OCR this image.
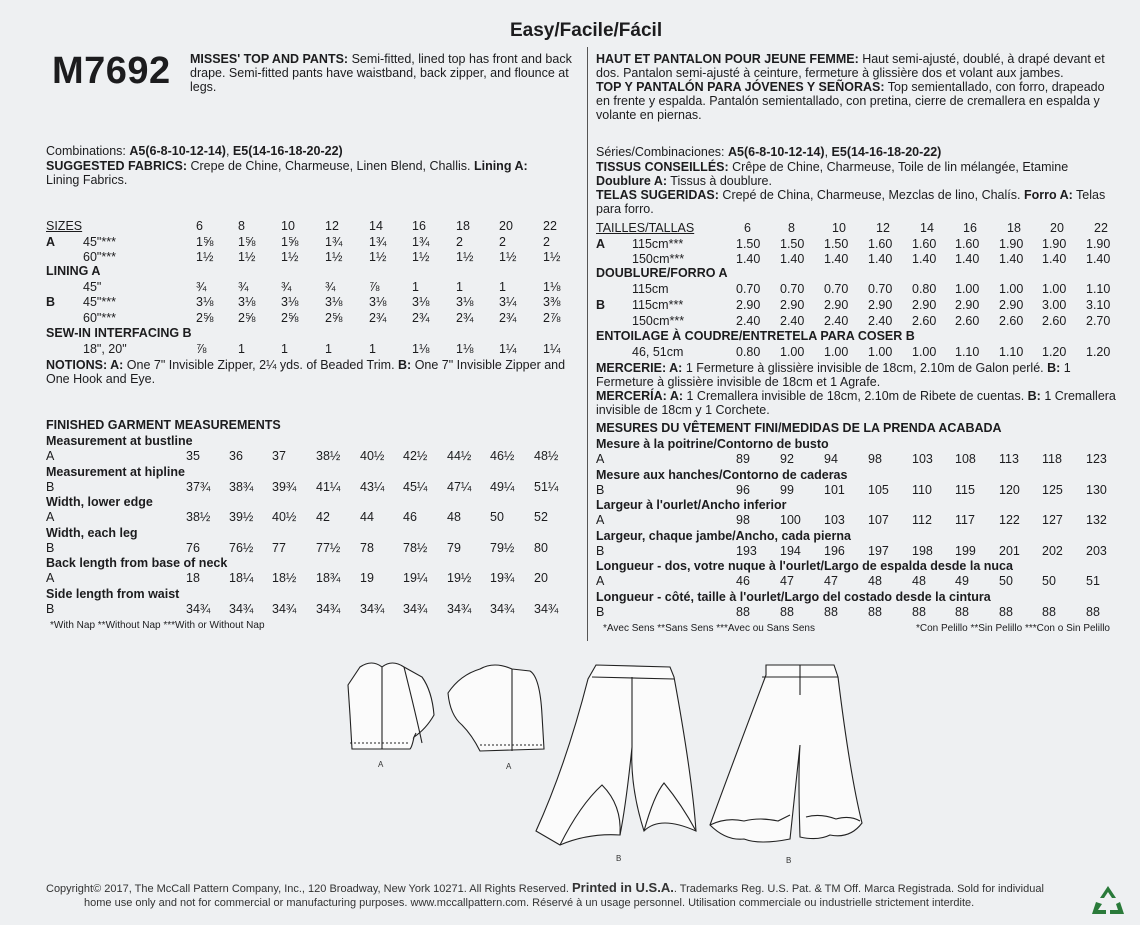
Easy/Facile/Fácil
M7692 MISSES' TOP AND PANTS: Semi-fitted, lined top has front and back
drape. Semi-fitted pants have waistband, back zipper, and flounce at
legs.
HAUT ET PANTALON POUR JEUNE FEMME: Haut semi-ajusté, doublé, à drapé devant et
dos. Pantalon semi-ajusté à ceinture, fermeture à glissière dos et volant aux jambes.
TOP Y PANTALÓN PARA JÓVENES Y SEÑORAS: Top semientallado, con forro, drapeado
en frente y espalda. Pantalón semientallado, con pretina, cierre de cremallera en espalda y
volante en piernas.
Combinations: A5(6-8-10-12-14), E5(14-16-18-20-22)
SUGGESTED FABRICS: Crepe de Chine, Charmeuse, Linen Blend, Challis. Lining A:
Lining Fabrics.
Séries/Combinaciones: A5(6-8-10-12-14), E5(14-16-18-20-22)
TISSUS CONSEILLÉS: Crêpe de Chine, Charmeuse, Toile de lin mélangée, Etamine
Doublure A: Tissus à doublure.
TELAS SUGERIDAS: Crepé de China, Charmeuse, Mezclas de lino, Chalís. Forro A: Telas
para forro.
SIZES	6	8	10 12 14 16 18 20 22
A 45"***	1⅝ 1⅝ 1⅝ 1¾ 1¾ 1¾ 2	2	2
60"***	1½ 1½ 1½ 1½ 1½ 1½ 1½ 1½ 1½
LINING A
45"	¾	¾	¾	¾	⅞	1	1	1	1⅛
B 45"***	3⅛ 3⅛ 3⅛ 3⅛ 3⅛ 3⅛ 3⅛ 3¼ 3⅜
60"***	2⅝ 2⅝ 2⅝ 2⅝ 2¾ 2¾ 2¾ 2¾ 2⅞
SEW-IN INTERFACING B
18", 20"	⅞	1	1	1	1	1⅛ 1⅛ 1¼ 1¼
TAILLES/TALLAS	6	8	10 12 14 16 18 20 22
A 115cm***	1.50 1.50 1.50 1.60 1.60 1.60 1.90 1.90 1.90
150cm***	1.40 1.40 1.40 1.40 1.40 1.40 1.40 1.40 1.40
DOUBLURE/FORRO A
115cm	0.70 0.70 0.70 0.70 0.80 1.00 1.00 1.00 1.10
B 115cm***	2.90 2.90 2.90 2.90 2.90 2.90 2.90 3.00 3.10
150cm***	2.40 2.40 2.40 2.40 2.60 2.60 2.60 2.60 2.70
ENTOILAGE À COUDRE/ENTRETELA PARA COSER B
46, 51cm	0.80 1.00 1.00 1.00 1.00 1.10 1.10 1.20 1.20
NOTIONS: A: One 7" Invisible Zipper, 2¼ yds. of Beaded Trim. B: One 7" Invisible Zipper and
One Hook and Eye.
MERCERIE: A: 1 Fermeture à glissière invisible de 18cm, 2.10m de Galon perlé. B: 1
Fermeture à glissière invisible de 18cm et 1 Agrafe.
MERCERÍA: A: 1 Cremallera invisible de 18cm, 2.10m de Ribete de cuentas. B: 1 Cremallera
invisible de 18cm y 1 Corchete.
FINISHED GARMENT MEASUREMENTS	MESURES DU VÊTEMENT FINI/MEDIDAS DE LA PRENDA ACABADA
Measurement at bustline
A	35 36 37 38½ 40½ 42½ 44½ 46½ 48½
Measurement at hipline
B	37¾ 38¾ 39¾ 41¼ 43¼ 45¼ 47¼ 49¼ 51¼
Width, lower edge
A	38½ 39½ 40½ 42 44 46 48 50 52
Width, each leg
B	76 76½ 77 77½ 78 78½ 79 79½ 80
Back length from base of neck
A	18 18¼ 18½ 18¾ 19 19¼ 19½ 19¾ 20
Side length from waist
B	34¾ 34¾ 34¾ 34¾ 34¾ 34¾ 34¾ 34¾ 34¾
Mesure à la poitrine/Contorno de busto
A	89 92 94 98 103 108 113 118 123
Mesure aux hanches/Contorno de caderas
B	96 99 101 105 110 115 120 125 130
Largeur à l'ourlet/Ancho inferior
A	98 100 103 107 112 117 122 127 132
Largeur, chaque jambe/Ancho, cada pierna
B	193 194 196 197 198 199 201 202 203
Longueur - dos, votre nuque à l'ourlet/Largo de espalda desde la nuca
A	46 47 47 48 48 49 50 50 51
Longueur - côté, taille à l'ourlet/Largo del costado desde la cintura
B	88 88 88 88 88 88 88 88 88
*With Nap **Without Nap ***With or Without Nap	*Avec Sens **Sans Sens ***Avec ou Sans Sens	*Con Pelillo **Sin Pelillo ***Con o Sin Pelillo
A	A
B	B
Copyright© 2017, The McCall Pattern Company, Inc., 120 Broadway, New York 10271. All Rights Reserved. Printed in U.S.A.. Trademarks Reg. U.S. Pat. & TM Off. Marca Registrada. Sold for individual
home use only and not for commercial or manufacturing purposes. www.mccallpattern.com. Réservé à un usage personnel. Utilisation commerciale ou industrielle strictement interdite.
